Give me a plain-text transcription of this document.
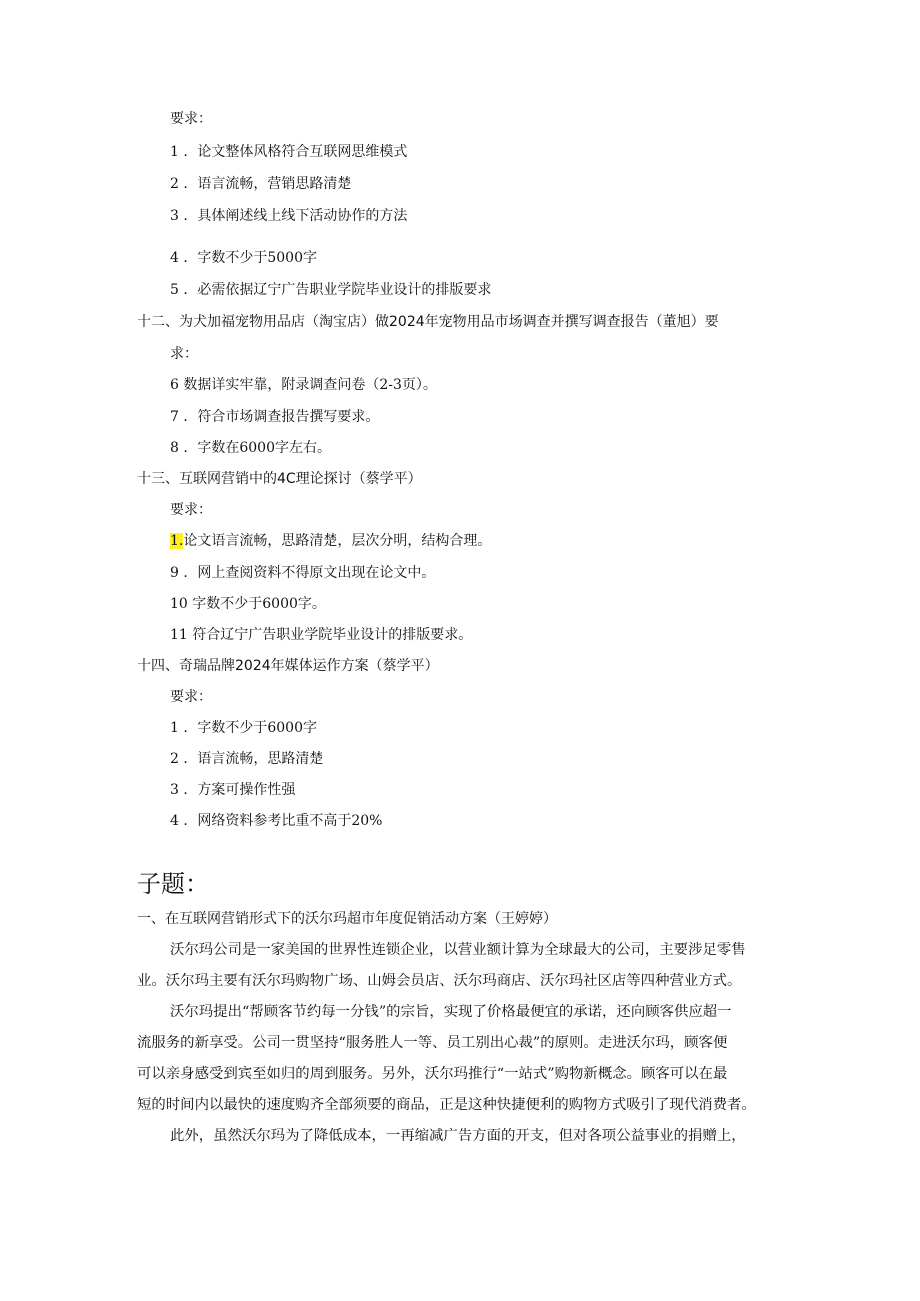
要求：
1 ．论文整体风格符合互联网思维模式
2 ．语言流畅，营销思路清楚
3 ．具体阐述线上线下活动协作的方法
4 ．字数不少于5000字
5 ．必需依据辽宁广告职业学院毕业设计的排版要求
十二、为犬加福宠物用品店（淘宝店）做2024年宠物用品市场调查并撰写调查报告（董旭）要
求：
6 数据详实牢靠，附录调查问卷（2-3页）。
7 ．符合市场调查报告撰写要求。
8 ．字数在6000字左右。
十三、互联网营销中的4C理论探讨（蔡学平）
要求：
1.论文语言流畅，思路清楚，层次分明，结构合理。
9 ．网上查阅资料不得原文出现在论文中。
10 字数不少于6000字。
11 符合辽宁广告职业学院毕业设计的排版要求。
十四、奇瑞品牌2024年媒体运作方案（蔡学平）
要求：
1 ．字数不少于6000字
2 ．语言流畅，思路清楚
3 ．方案可操作性强
4 ．网络资料参考比重不高于20%
子题：
一、在互联网营销形式下的沃尔玛超市年度促销活动方案（王婷婷）
沃尔玛公司是一家美国的世界性连锁企业，以营业额计算为全球最大的公司，主要涉足零售
业。沃尔玛主要有沃尔玛购物广场、山姆会员店、沃尔玛商店、沃尔玛社区店等四种营业方式。
沃尔玛提出“帮顾客节约每一分钱”的宗旨，实现了价格最便宜的承诺，还向顾客供应超一
流服务的新享受。公司一贯坚持“服务胜人一等、员工别出心裁”的原则。走进沃尔玛，顾客便
可以亲身感受到宾至如归的周到服务。另外，沃尔玛推行“一站式”购物新概念。顾客可以在最
短的时间内以最快的速度购齐全部须要的商品，正是这种快捷便利的购物方式吸引了现代消费者。
此外，虽然沃尔玛为了降低成本，一再缩减广告方面的开支，但对各项公益事业的捐赠上，
